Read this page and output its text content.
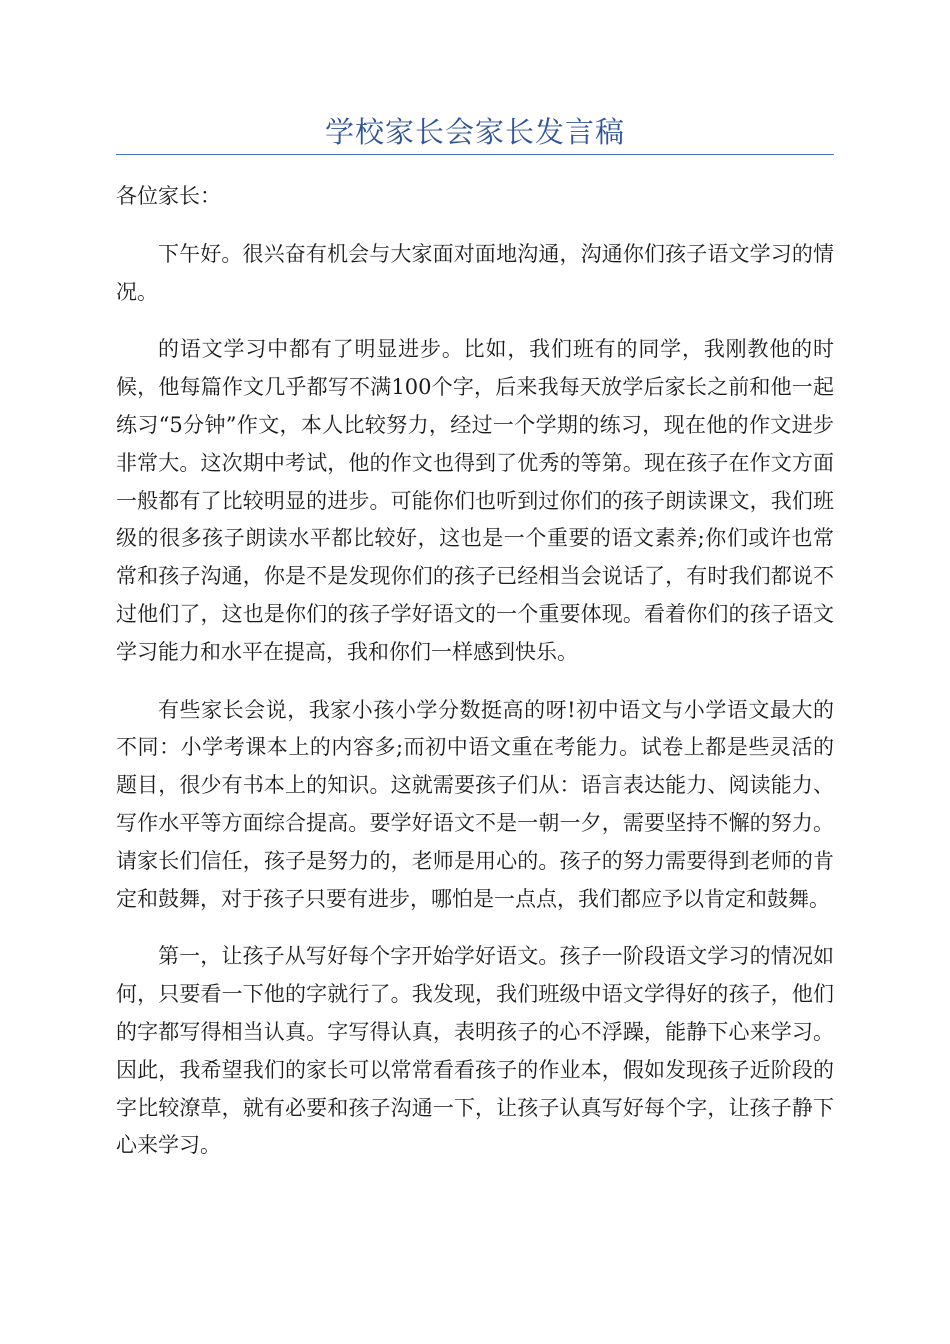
学校家长会家长发言稿

各位家长：

下午好。很兴奋有机会与大家面对面地沟通，沟通你们孩子语文学习的情况。

的语文学习中都有了明显进步。比如，我们班有的同学，我刚教他的时候，他每篇作文几乎都写不满100个字，后来我每天放学后家长之前和他一起练习“5分钟”作文，本人比较努力，经过一个学期的练习，现在他的作文进步非常大。这次期中考试，他的作文也得到了优秀的等第。现在孩子在作文方面一般都有了比较明显的进步。可能你们也听到过你们的孩子朗读课文，我们班级的很多孩子朗读水平都比较好，这也是一个重要的语文素养;你们或许也常常和孩子沟通，你是不是发现你们的孩子已经相当会说话了，有时我们都说不过他们了，这也是你们的孩子学好语文的一个重要体现。看着你们的孩子语文学习能力和水平在提高，我和你们一样感到快乐。

有些家长会说，我家小孩小学分数挺高的呀!初中语文与小学语文最大的不同：小学考课本上的内容多;而初中语文重在考能力。试卷上都是些灵活的题目，很少有书本上的知识。这就需要孩子们从：语言表达能力、阅读能力、写作水平等方面综合提高。要学好语文不是一朝一夕，需要坚持不懈的努力。请家长们信任，孩子是努力的，老师是用心的。孩子的努力需要得到老师的肯定和鼓舞，对于孩子只要有进步，哪怕是一点点，我们都应予以肯定和鼓舞。

第一，让孩子从写好每个字开始学好语文。孩子一阶段语文学习的情况如何，只要看一下他的字就行了。我发现，我们班级中语文学得好的孩子，他们的字都写得相当认真。字写得认真，表明孩子的心不浮躁，能静下心来学习。因此，我希望我们的家长可以常常看看孩子的作业本，假如发现孩子近阶段的字比较潦草，就有必要和孩子沟通一下，让孩子认真写好每个字，让孩子静下心来学习。
